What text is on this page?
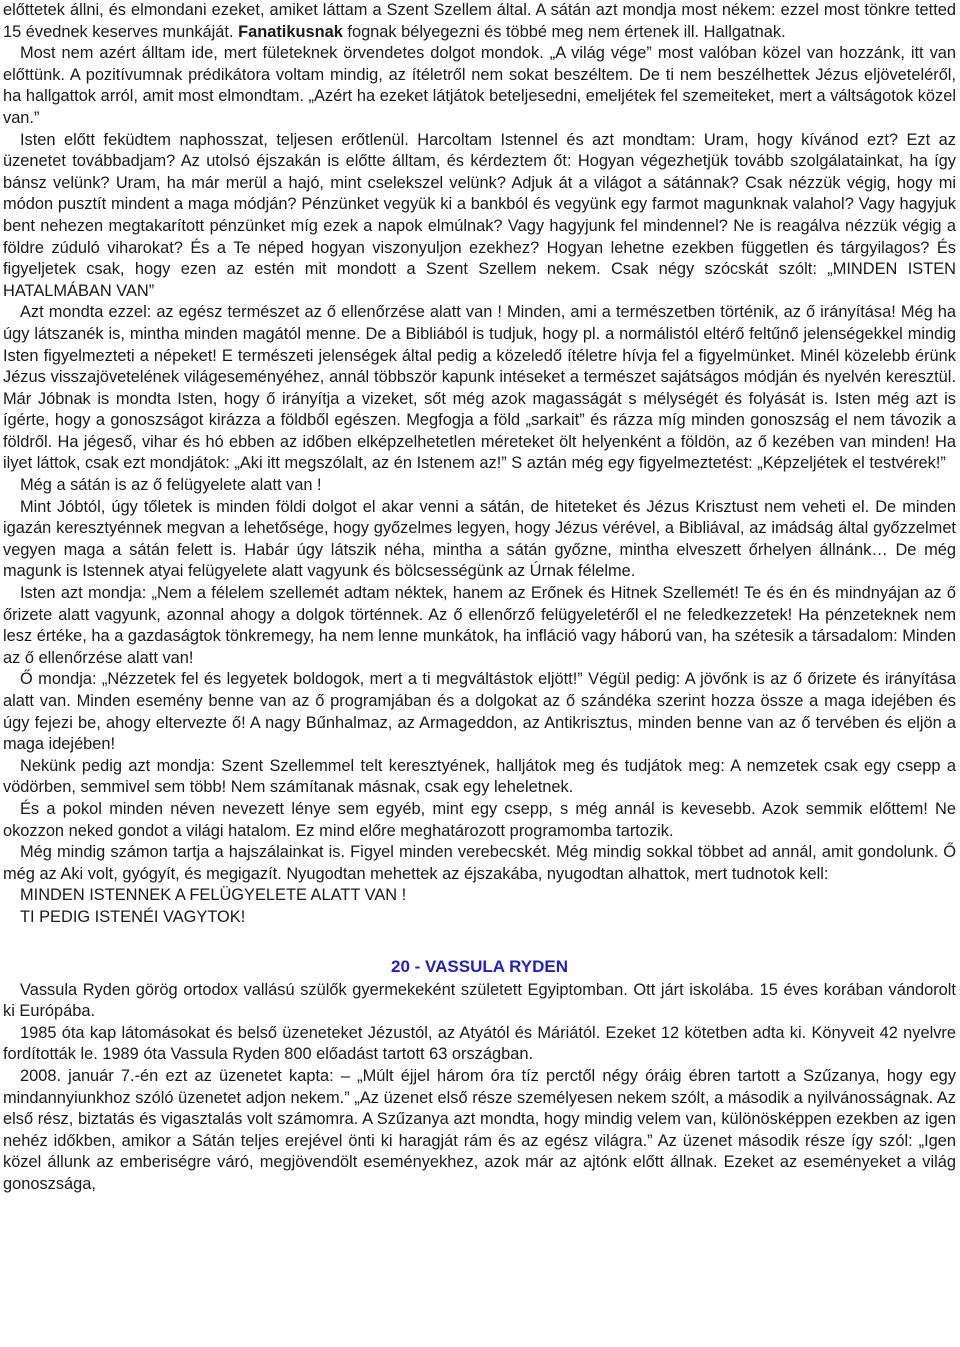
előttetek állni, és elmondani ezeket, amiket láttam a Szent Szellem által. A sátán azt mondja most nékem: ezzel most tönkre tetted 15 évednek keserves munkáját. Fanatikusnak fognak bélyegezni és többé meg nem értenek ill. Hallgatnak.

Most nem azért álltam ide, mert fületeknek örvendetes dolgot mondok. „A világ vége” most valóban közel van hozzánk, itt van előttünk. A pozitívumnak prédikátora voltam mindig, az ítéletről nem sokat beszéltem. De ti nem beszélhettek Jézus eljöveteléről, ha hallgattok arról, amit most elmondtam. „Azért ha ezeket látjátok beteljesedni, emeljétek fel szemeiteket, mert a váltságotok közel van.”

Isten előtt feküdtem naphosszat, teljesen erőtlenül. Harcoltam Istennel és azt mondtam: Uram, hogy kívánod ezt? Ezt az üzenetet továbbadjam? Az utolsó éjszakán is előtte álltam, és kérdeztem őt: Hogyan végezhetjük tovább szolgálatainkat, ha így bánsz velünk? Uram, ha már merül a hajó, mint cselekszel velünk? Adjuk át a világot a sátánnak? Csak nézzük végig, hogy mi módon pusztít mindent a maga módján? Pénzünket vegyük ki a bankból és vegyünk egy farmot magunknak valahol? Vagy hagyjuk bent nehezen megtakarított pénzünket míg ezek a napok elmúlnak? Vagy hagyjunk fel mindennel? Ne is reagálva nézzük végig a földre zúduló viharokat? És a Te néped hogyan viszonyuljon ezekhez? Hogyan lehetne ezekben független és tárgyilagos? És figyeljetek csak, hogy ezen az estén mit mondott a Szent Szellem nekem. Csak négy szócskát szólt: „MINDEN ISTEN HATALMÁBAN VAN”

Azt mondta ezzel: az egész természet az ő ellenőrzése alatt van ! Minden, ami a természetben történik, az ő irányítása! Még ha úgy látszanék is, mintha minden magától menne. De a Bibliából is tudjuk, hogy pl. a normálistól eltérő feltűnő jelenségekkel mindig Isten figyelmezteti a népeket! E természeti jelenségek által pedig a közeledő ítéletre hívja fel a figyelmünket. Minél közelebb érünk Jézus visszajövetelének világeseményéhez, annál többször kapunk intéseket a természet sajátságos módján és nyelvén keresztül. Már Jóbnak is mondta Isten, hogy ő irányítja a vizeket, sőt még azok magasságát s mélységét és folyását is. Isten még azt is ígérte, hogy a gonoszságot kirázza a földből egészen. Megfogja a föld „sarkait” és rázza míg minden gonoszság el nem távozik a földről. Ha jégeső, vihar és hó ebben az időben elképzelhetetlen méreteket ölt helyenként a földön, az ő kezében van minden! Ha ilyet láttok, csak ezt mondjátok: „Aki itt megszólalt, az én Istenem az!” S aztán még egy figyelmeztetést: „Képzeljétek el testvérek!”

Még a sátán is az ő felügyelete alatt van !

Mint Jóbtól, úgy tőletek is minden földi dolgot el akar venni a sátán, de hiteteket és Jézus Krisztust nem veheti el. De minden igazán keresztyénnek megvan a lehetősége, hogy győzelmes legyen, hogy Jézus vérével, a Bibliával, az imádság által győzzelmet vegyen maga a sátán felett is. Habár úgy látszik néha, mintha a sátán győzne, mintha elveszett őrhelyen állnánk… De még magunk is Istennek atyai felügyelete alatt vagyunk és bölcsességünk az Úrnak félelme.

Isten azt mondja: „Nem a félelem szellemét adtam néktek, hanem az Erőnek és Hitnek Szellemét! Te és én és mindnyájan az ő őrizete alatt vagyunk, azonnal ahogy a dolgok történnek. Az ő ellenőrző felügyeletéről el ne feledkezzetek! Ha pénzeteknek nem lesz értéke, ha a gazdaságtok tönkremegy, ha nem lenne munkátok, ha infláció vagy háború van, ha szétesik a társadalom: Minden az ő ellenőrzése alatt van!

Ő mondja: „Nézzetek fel és legyetek boldogok, mert a ti megváltástok eljött!” Végül pedig: A jövőnk is az ő őrizete és irányítása alatt van. Minden esemény benne van az ő programjában és a dolgokat az ő szándéka szerint hozza össze a maga idejében és úgy fejezi be, ahogy eltervezte ő! A nagy Bűnhalmaz, az Armageddon, az Antikrisztus, minden benne van az ő tervében és eljön a maga idejében!

Nekünk pedig azt mondja: Szent Szellemmel telt keresztyének, halljátok meg és tudjátok meg: A nemzetek csak egy csepp a vödörben, semmivel sem több! Nem számítanak másnak, csak egy leheletnek.

És a pokol minden néven nevezett lénye sem egyéb, mint egy csepp, s még annál is kevesebb. Azok semmik előttem! Ne okozzon neked gondot a világi hatalom. Ez mind előre meghatározott programomba tartozik.

Még mindig számon tartja a hajszálainkat is. Figyel minden verebecskét. Még mindig sokkal többet ad annál, amit gondolunk. Ő még az Aki volt, gyógyít, és megigazít. Nyugodtan mehettek az éjszakába, nyugodtan alhattok, mert tudnotok kell:

MINDEN ISTENNEK A FELÜGYELETE ALATT VAN !

TI PEDIG ISTENÉI VAGYTOK!

20 - VASSULA RYDEN

Vassula Ryden görög ortodox vallású szülők gyermekeként született Egyiptomban. Ott járt iskolába. 15 éves korában vándorolt ki Európába.

1985 óta kap látomásokat és belső üzeneteket Jézustól, az Atyától és Máriától. Ezeket 12 kötetben adta ki. Könyveit 42 nyelvre fordították le. 1989 óta Vassula Ryden 800 előadást tartott 63 országban.

2008. január 7.-én ezt az üzenetet kapta: – „Múlt éjjel három óra tíz perctől négy óráig ébren tartott a Szűzanya, hogy egy mindannyiunkhoz szóló üzenetet adjon nekem.” „Az üzenet első része személyesen nekem szólt, a második a nyilvánosságnak. Az első rész, biztatás és vigasztalás volt számomra. A Szűzanya azt mondta, hogy mindig velem van, különösképpen ezekben az igen nehéz időkben, amikor a Sátán teljes erejével önti ki haragját rám és az egész világra.” Az üzenet második része így szól: „Igen közel állunk az emberiségre váró, megjövendölt eseményekhez, azok már az ajtónk előtt állnak. Ezeket az eseményeket a világ gonoszsága,
